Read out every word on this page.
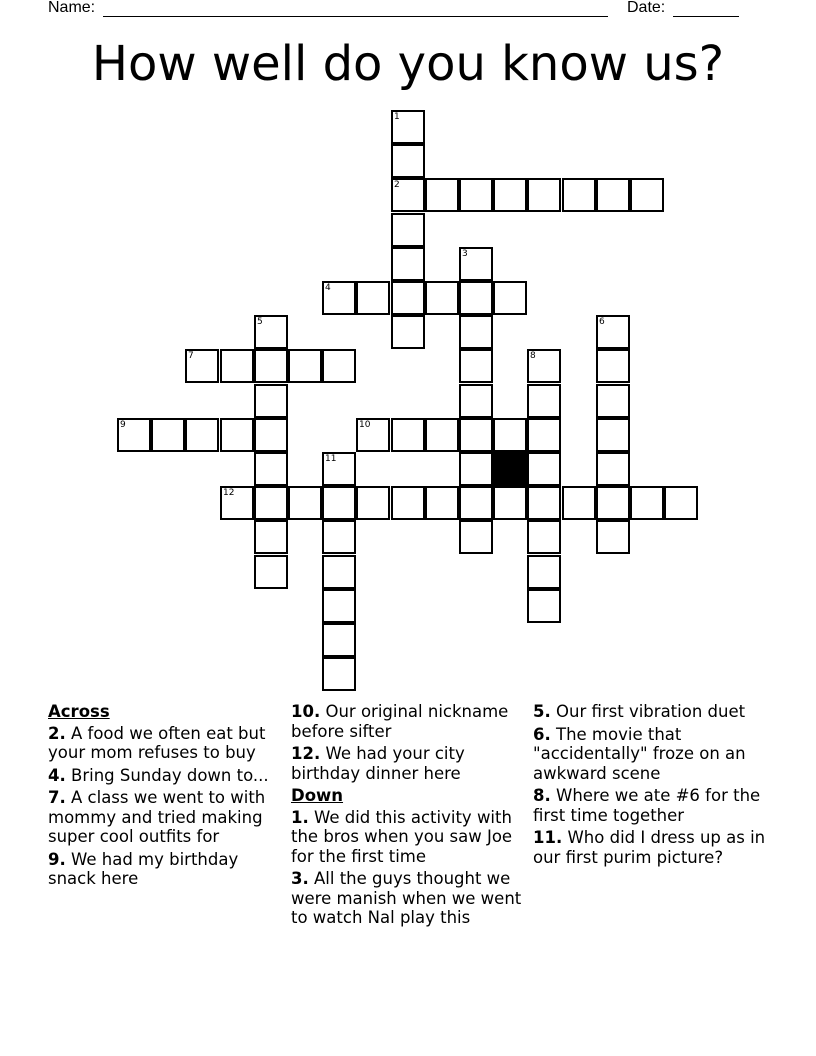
Name:	Date:
How well do you know us?
1
2
3
4
5	6
7	8
9	10
11
12
Across
2. A food we often eat but your mom refuses to buy
4. Bring Sunday down to...
7. A class we went to with mommy and tried making super cool outfits for
9. We had my birthday snack here
10. Our original nickname before sifter
12. We had your city birthday dinner here
Down
1. We did this activity with the bros when you saw Joe for the first time
3. All the guys thought we were manish when we went to watch Nal play this
5. Our first vibration duet
6. The movie that "accidentally" froze on an awkward scene
8. Where we ate #6 for the first time together
11. Who did I dress up as in our first purim picture?
